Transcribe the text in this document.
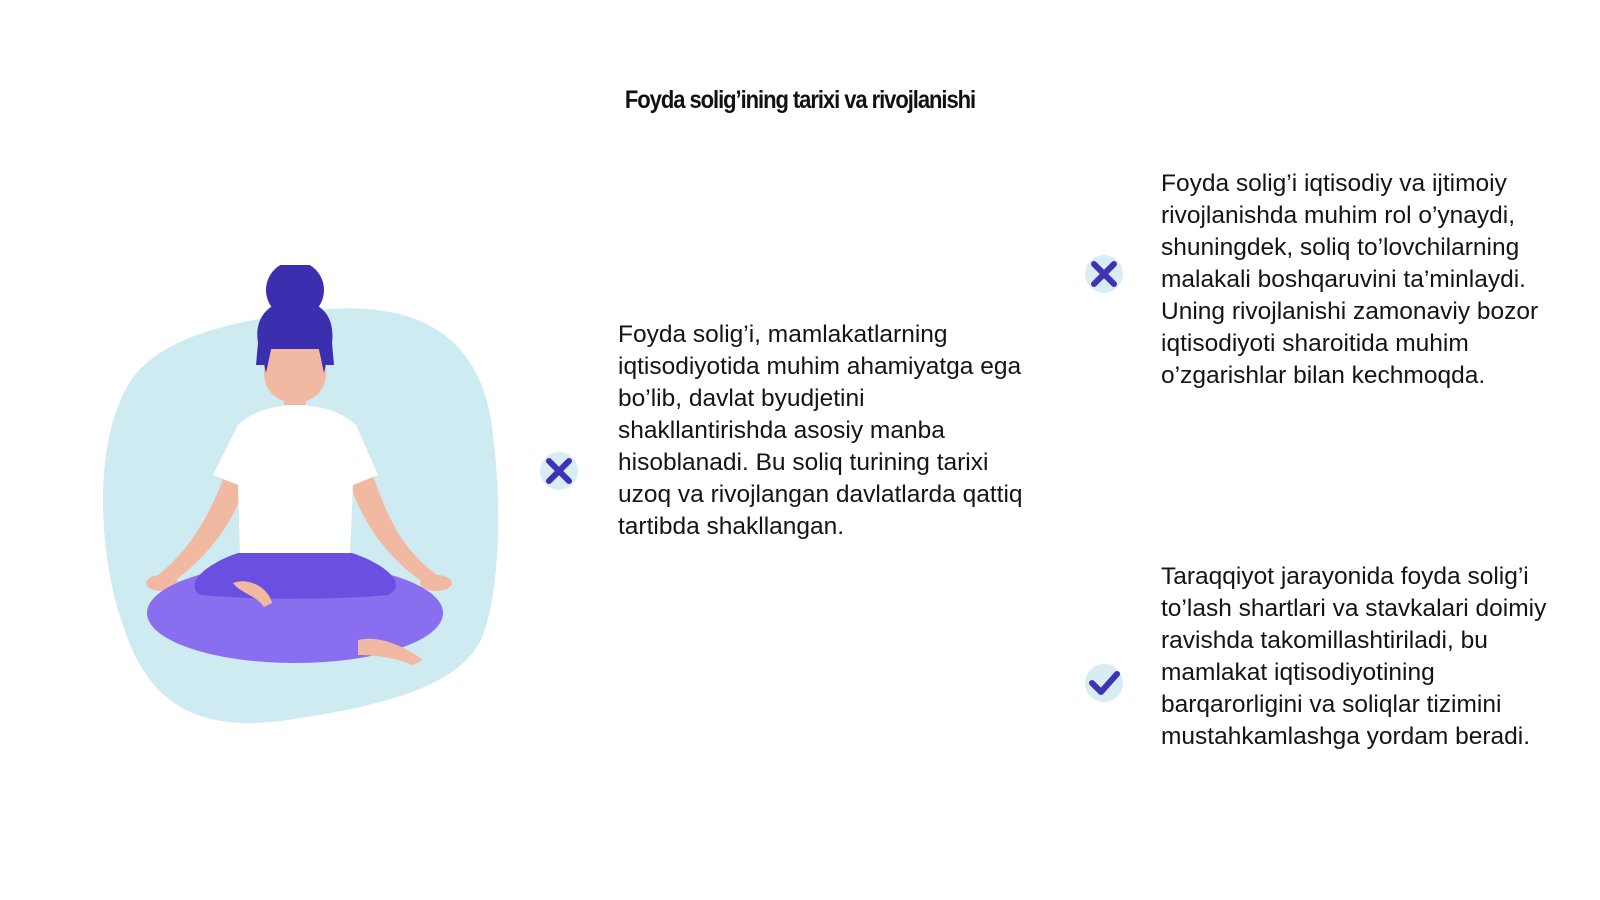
Foyda solig’ining tarixi va rivojlanishi

Foyda solig’i, mamlakatlarning iqtisodiyotida muhim ahamiyatga ega bo’lib, davlat byudjetini shakllantirishda asosiy manba hisoblanadi. Bu soliq turining tarixi uzoq va rivojlangan davlatlarda qattiq tartibda shakllangan.

Foyda solig’i iqtisodiy va ijtimoiy rivojlanishda muhim rol o’ynaydi, shuningdek, soliq to’lovchilarning malakali boshqaruvini ta’minlaydi. Uning rivojlanishi zamonaviy bozor iqtisodiyoti sharoitida muhim o’zgarishlar bilan kechmoqda.

Taraqqiyot jarayonida foyda solig’i to’lash shartlari va stavkalari doimiy ravishda takomillashtiriladi, bu mamlakat iqtisodiyotining barqarorligini va soliqlar tizimini mustahkamlashga yordam beradi.
